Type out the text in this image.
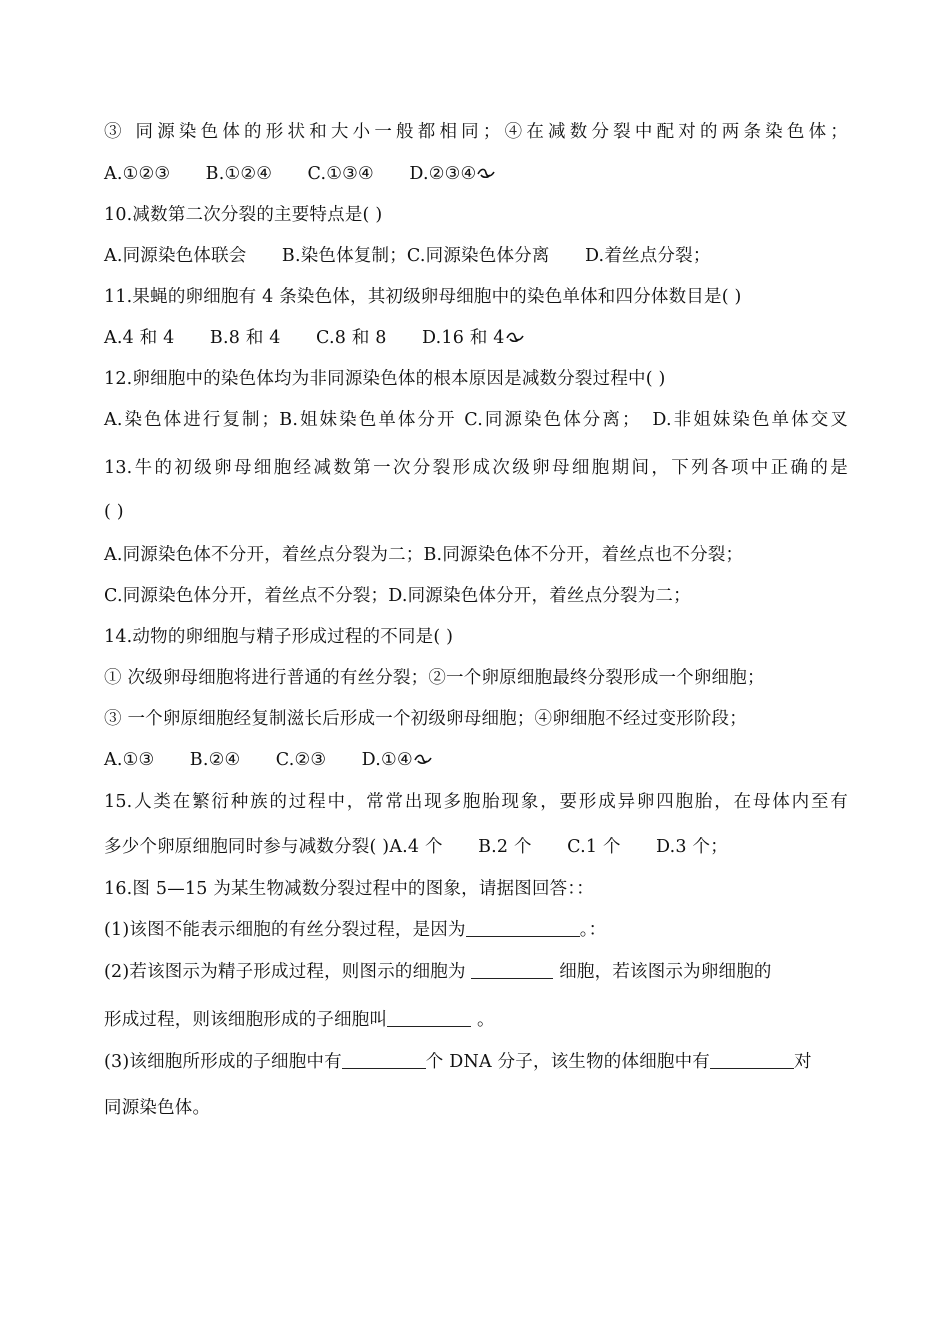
③ 同源染色体的形状和大小一般都相同；④在减数分裂中配对的两条染色体；
A.①②③　　B.①②④　　C.①③④　　D.②③④
10.减数第二次分裂的主要特点是( )
A.同源染色体联会　　B.染色体复制；C.同源染色体分离　　D.着丝点分裂；
11.果蝇的卵细胞有 4 条染色体，其初级卵母细胞中的染色单体和四分体数目是( )
A.4 和 4　　B.8 和 4　　C.8 和 8　　D.16 和 4
12.卵细胞中的染色体均为非同源染色体的根本原因是减数分裂过程中( )
A.染色体进行复制；B.姐妹染色单体分开 C.同源染色体分离；　D.非姐妹染色单体交叉
13.牛的初级卵母细胞经减数第一次分裂形成次级卵母细胞期间，下列各项中正确的是
( )
A.同源染色体不分开，着丝点分裂为二；B.同源染色体不分开，着丝点也不分裂；
C.同源染色体分开，着丝点不分裂；D.同源染色体分开，着丝点分裂为二；
14.动物的卵细胞与精子形成过程的不同是( )
① 次级卵母细胞将进行普通的有丝分裂；②一个卵原细胞最终分裂形成一个卵细胞；
③ 一个卵原细胞经复制滋长后形成一个初级卵母细胞；④卵细胞不经过变形阶段；
A.①③　　B.②④　　C.②③　　D.①④
15.人类在繁衍种族的过程中，常常出现多胞胎现象，要形成异卵四胞胎，在母体内至有
多少个卵原细胞同时参与减数分裂( )A.4 个　　B.2 个　　C.1 个　　D.3 个；
16.图 5—15 为某生物减数分裂过程中的图象，请据图回答：：
(1)该图不能表示细胞的有丝分裂过程，是因为	。：
(2)若该图示为精子形成过程，则图示的细胞为	细胞，若该图示为卵细胞的
形成过程，则该细胞形成的子细胞叫	。
(3)该细胞所形成的子细胞中有	个 DNA 分子，该生物的体细胞中有	对
同源染色体。
